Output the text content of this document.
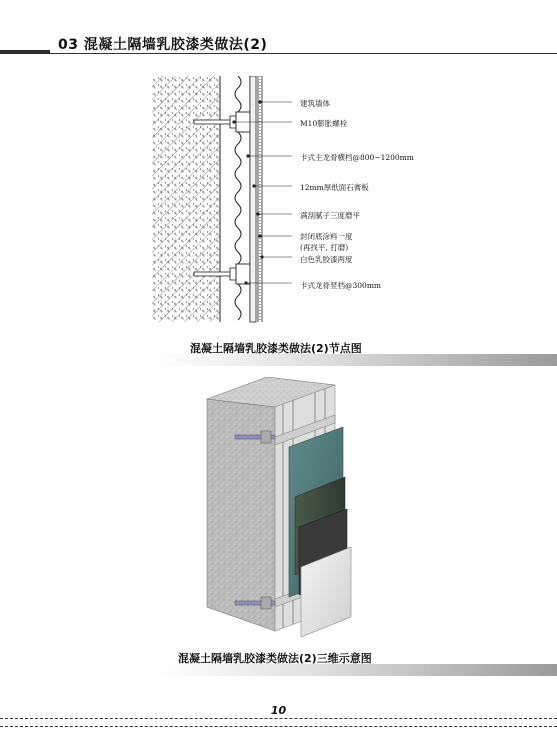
03 混凝土隔墙乳胶漆类做法(2)
建筑墙体
M10膨胀螺栓
卡式主龙骨横档@800~1200mm
12mm厚纸面石膏板
满刮腻子三度磨平
封闭底涂料一度
(再找平, 打磨)
白色乳胶漆两度
卡式龙骨竖档@300mm
混凝土隔墙乳胶漆类做法(2)节点图
混凝土隔墙乳胶漆类做法(2)三维示意图
10
